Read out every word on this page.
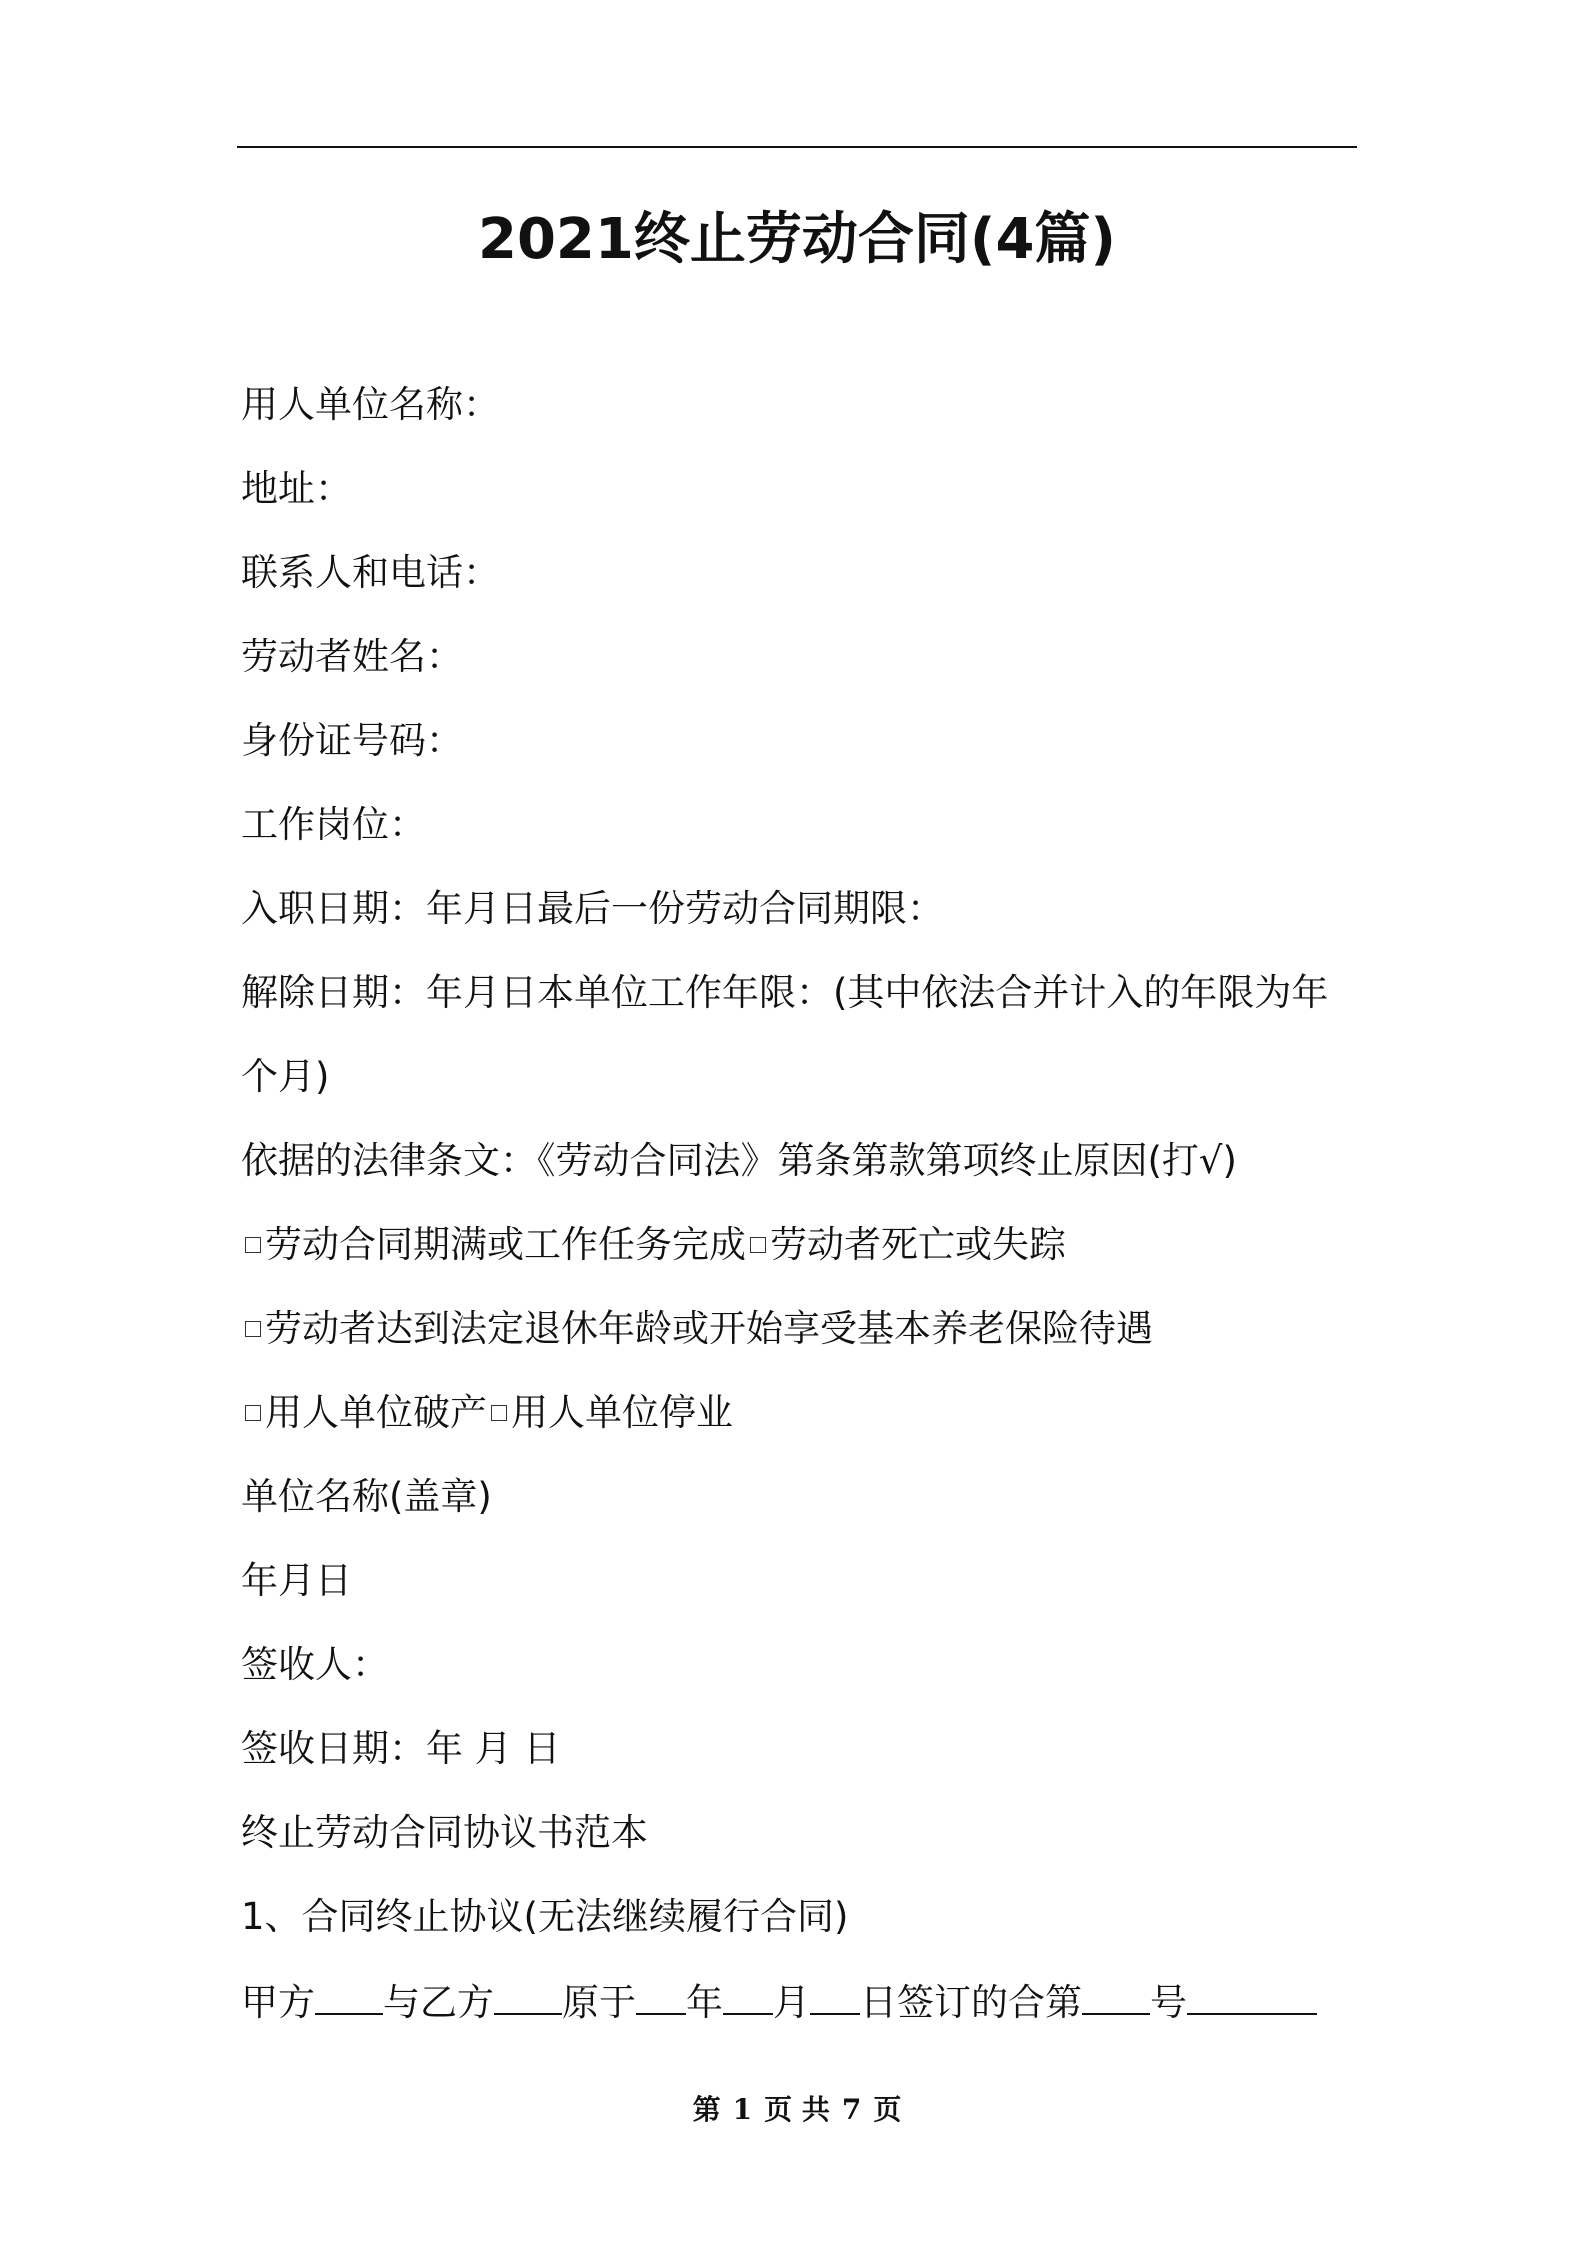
2021终止劳动合同(4篇)
用人单位名称：
地址：
联系人和电话：
劳动者姓名：
身份证号码：
工作岗位：
入职日期：年月日最后一份劳动合同期限：
解除日期：年月日本单位工作年限：(其中依法合并计入的年限为年
个月)
依据的法律条文：《劳动合同法》第条第款第项终止原因(打√)
劳动合同期满或工作任务完成 劳动者死亡或失踪
劳动者达到法定退休年龄或开始享受基本养老保险待遇
用人单位破产 用人单位停业
单位名称(盖章)
年月日
签收人：
签收日期：年 月 日
终止劳动合同协议书范本
1、合同终止协议(无法继续履行合同)
甲方 与乙方 原于 年 月 日签订的合第 号
第 1 页 共 7 页
